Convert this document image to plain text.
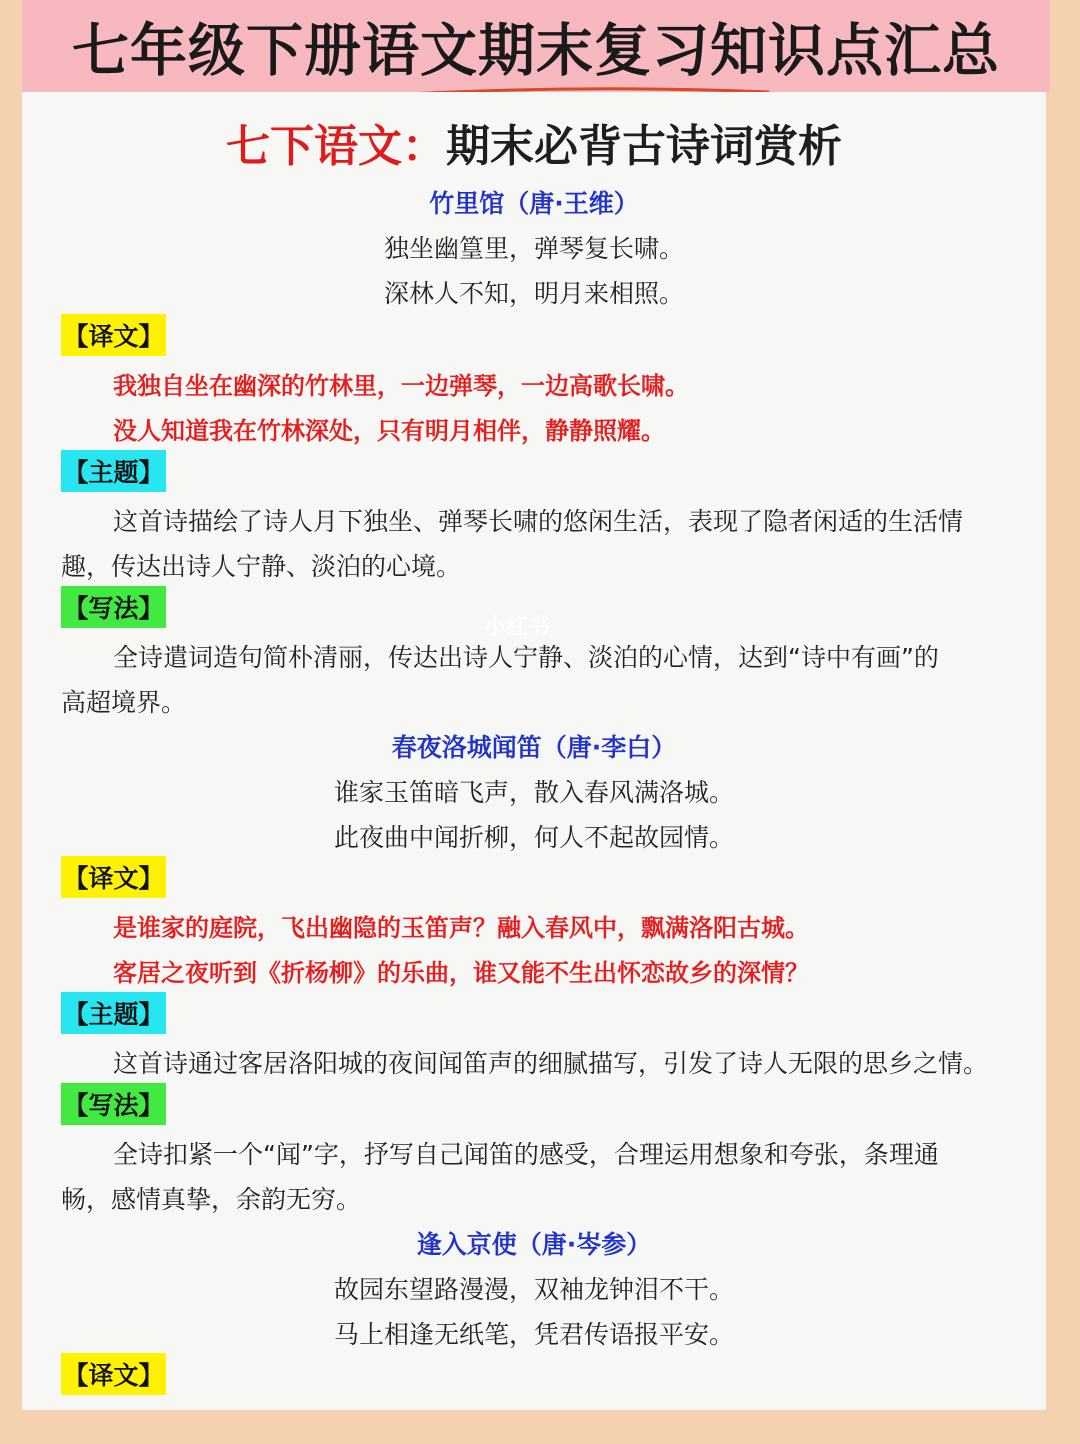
七年级下册语文期末复习知识点汇总
七下语文：期末必背古诗词赏析
竹里馆（唐·王维）
独坐幽篁里，弹琴复长啸。
深林人不知，明月来相照。
【译文】
我独自坐在幽深的竹林里，一边弹琴，一边高歌长啸。
没人知道我在竹林深处，只有明月相伴，静静照耀。
【主题】
这首诗描绘了诗人月下独坐、弹琴长啸的悠闲生活，表现了隐者闲适的生活情
趣，传达出诗人宁静、淡泊的心境。
【写法】
全诗遣词造句简朴清丽，传达出诗人宁静、淡泊的心情，达到“诗中有画”的
高超境界。
春夜洛城闻笛（唐·李白）
谁家玉笛暗飞声，散入春风满洛城。
此夜曲中闻折柳，何人不起故园情。
【译文】
是谁家的庭院，飞出幽隐的玉笛声？融入春风中，飘满洛阳古城。
客居之夜听到《折杨柳》的乐曲，谁又能不生出怀恋故乡的深情？
【主题】
这首诗通过客居洛阳城的夜间闻笛声的细腻描写，引发了诗人无限的思乡之情。
【写法】
全诗扣紧一个“闻”字，抒写自己闻笛的感受，合理运用想象和夸张，条理通
畅，感情真挚，余韵无穷。
逢入京使（唐·岑参）
故园东望路漫漫，双袖龙钟泪不干。
马上相逢无纸笔，凭君传语报平安。
【译文】
小红书
